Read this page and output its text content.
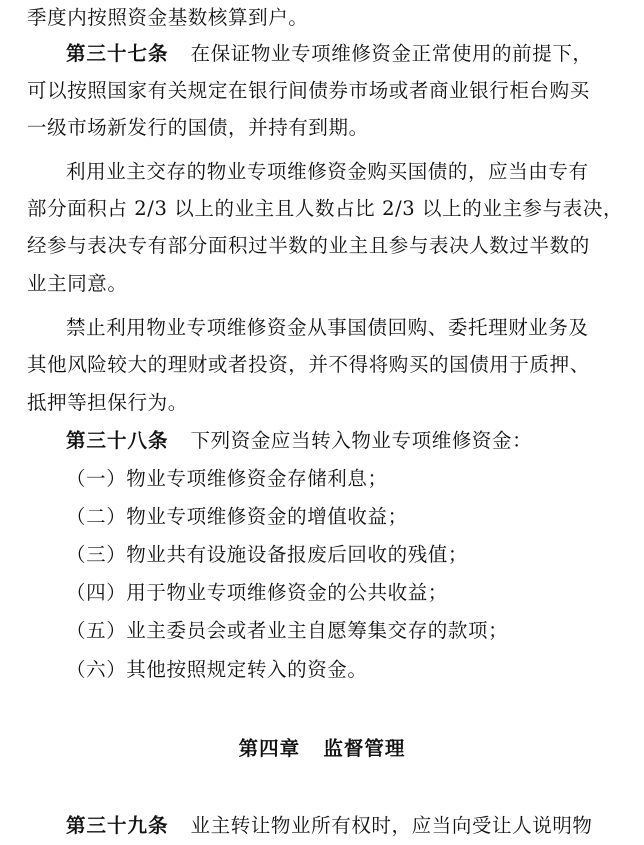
季度内按照资金基数核算到户。
第三十七条 在保证物业专项维修资金正常使用的前提下，
可以按照国家有关规定在银行间债券市场或者商业银行柜台购买
一级市场新发行的国债，并持有到期。
利用业主交存的物业专项维修资金购买国债的，应当由专有
部分面积占 2/3 以上的业主且人数占比 2/3 以上的业主参与表决，
经参与表决专有部分面积过半数的业主且参与表决人数过半数的
业主同意。
禁止利用物业专项维修资金从事国债回购、委托理财业务及
其他风险较大的理财或者投资，并不得将购买的国债用于质押、
抵押等担保行为。
第三十八条 下列资金应当转入物业专项维修资金：
（一）物业专项维修资金存储利息；
（二）物业专项维修资金的增值收益；
（三）物业共有设施设备报废后回收的残值；
（四）用于物业专项维修资金的公共收益；
（五）业主委员会或者业主自愿筹集交存的款项；
（六）其他按照规定转入的资金。
第四章   监督管理
第三十九条 业主转让物业所有权时，应当向受让人说明物
